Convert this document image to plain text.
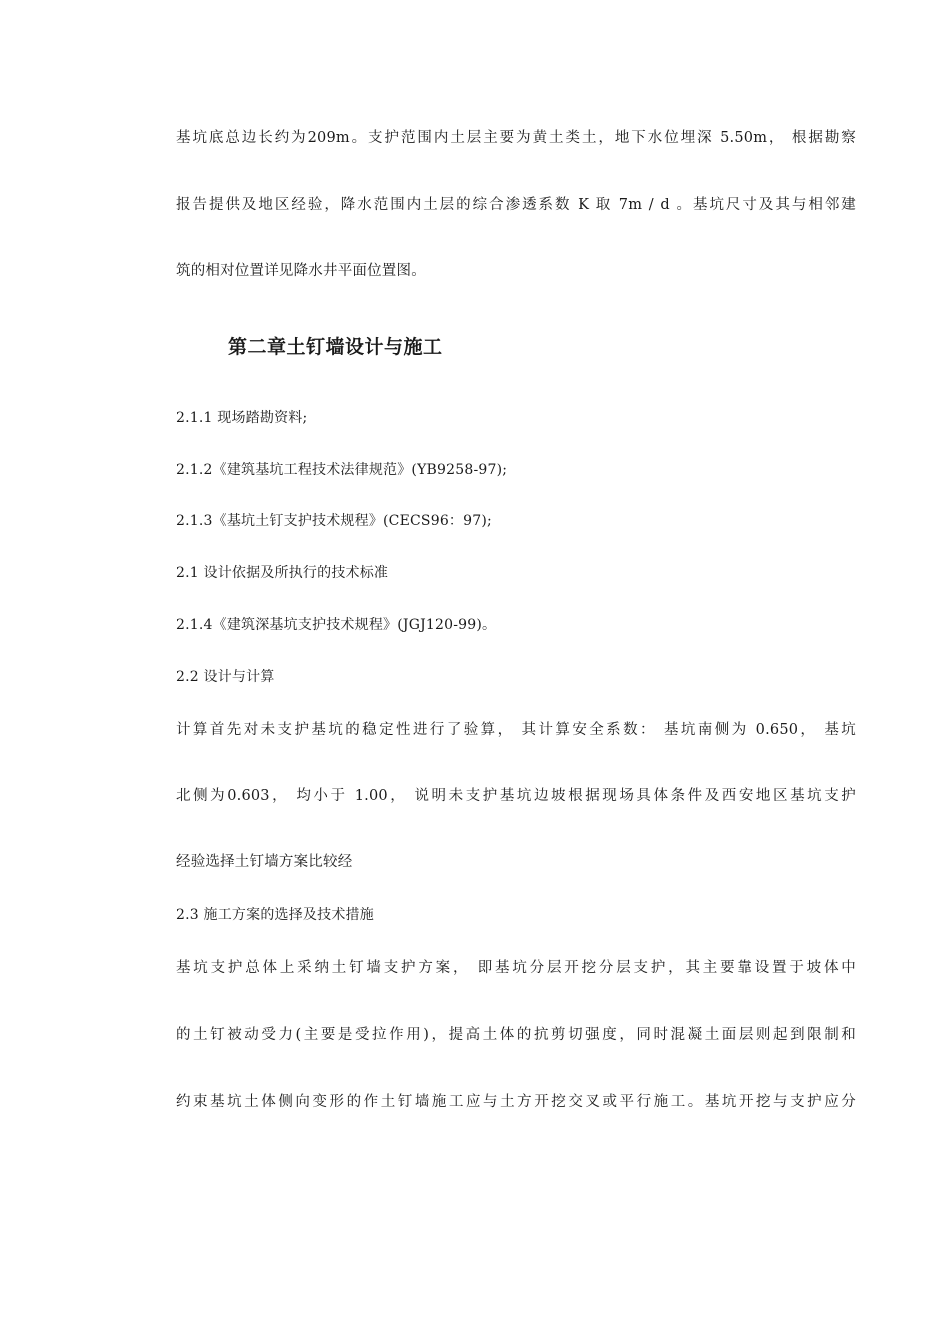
基坑底总边长约为209m。支护范围内土层主要为黄土类土，地下水位埋深 5.50m， 根据勘察
报告提供及地区经验，降水范围内土层的综合渗透系数 K 取 7m / d 。基坑尺寸及其与相邻建
筑的相对位置详见降水井平面位置图。
第二章土钉墙设计与施工
2.1.1 现场踏勘资料;
2.1.2《建筑基坑工程技术法律规范》(YB9258-97);
2.1.3《基坑土钉支护技术规程》(CECS96：97);
2.1 设计依据及所执行的技术标准
2.1.4《建筑深基坑支护技术规程》(JGJ120-99)。
2.2 设计与计算
计算首先对未支护基坑的稳定性进行了验算， 其计算安全系数： 基坑南侧为 0.650， 基坑
北侧为0.603， 均小于 1.00， 说明未支护基坑边坡根据现场具体条件及西安地区基坑支护
经验选择土钉墙方案比较经
2.3 施工方案的选择及技术措施
基坑支护总体上采纳土钉墙支护方案， 即基坑分层开挖分层支护，其主要靠设置于坡体中
的土钉被动受力(主要是受拉作用)，提高土体的抗剪切强度，同时混凝土面层则起到限制和
约束基坑土体侧向变形的作土钉墙施工应与土方开挖交叉或平行施工。基坑开挖与支护应分
